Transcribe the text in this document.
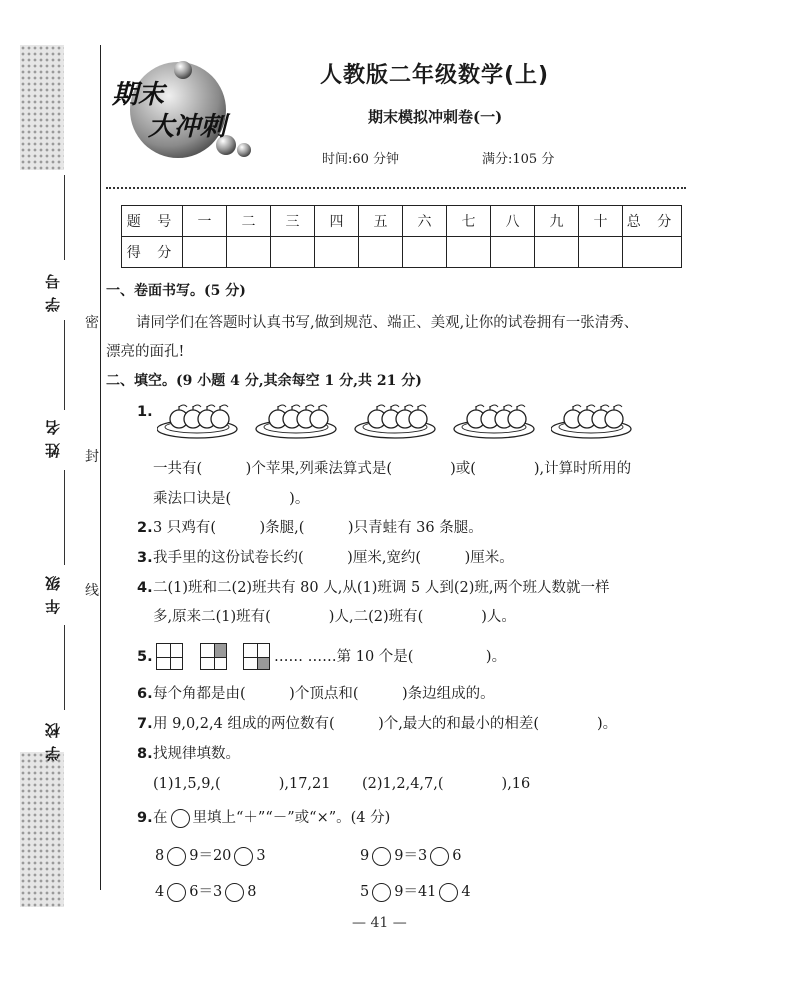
学号
姓名
年级
学校
密
封
线
期末
大冲刺
人教版二年级数学(上)
期末模拟冲刺卷(一)
时间:60 分钟	满分:105 分
题 号	一	二	三	四	五	六	七	八	九	十	总 分
得 分											
一、卷面书写。(5 分)
请同学们在答题时认真书写,做到规范、端正、美观,让你的试卷拥有一张清秀、
漂亮的面孔!
二、填空。(9 小题 4 分,其余每空 1 分,共 21 分)
1.
一共有(　　　)个苹果,列乘法算式是(　　　　)或(　　　　),计算时所用的
乘法口诀是(　　　　)。
2. 3 只鸡有(　　　)条腿,(　　　)只青蛙有 36 条腿。
3. 我手里的这份试卷长约(　　　)厘米,宽约(　　　)厘米。
4. 二(1)班和二(2)班共有 80 人,从(1)班调 5 人到(2)班,两个班人数就一样
多,原来二(1)班有(　　　　)人,二(2)班有(　　　　)人。
5.	…… ……第 10 个是(　　　　　)。
6. 每个角都是由(　　　)个顶点和(　　　)条边组成的。
7. 用 9,0,2,4 组成的两位数有(　　　)个,最大的和最小的相差(　　　　)。
8. 找规律填数。
(1)1,5,9,(　　　　),17,21 (2)1,2,4,7,(　　　　),16
9. 在 里填上“＋”“－”或“×”。(4 分)
8 9＝20 3	9 9＝3 6
4 6＝3 8	5 9＝41 4
— 41 —
